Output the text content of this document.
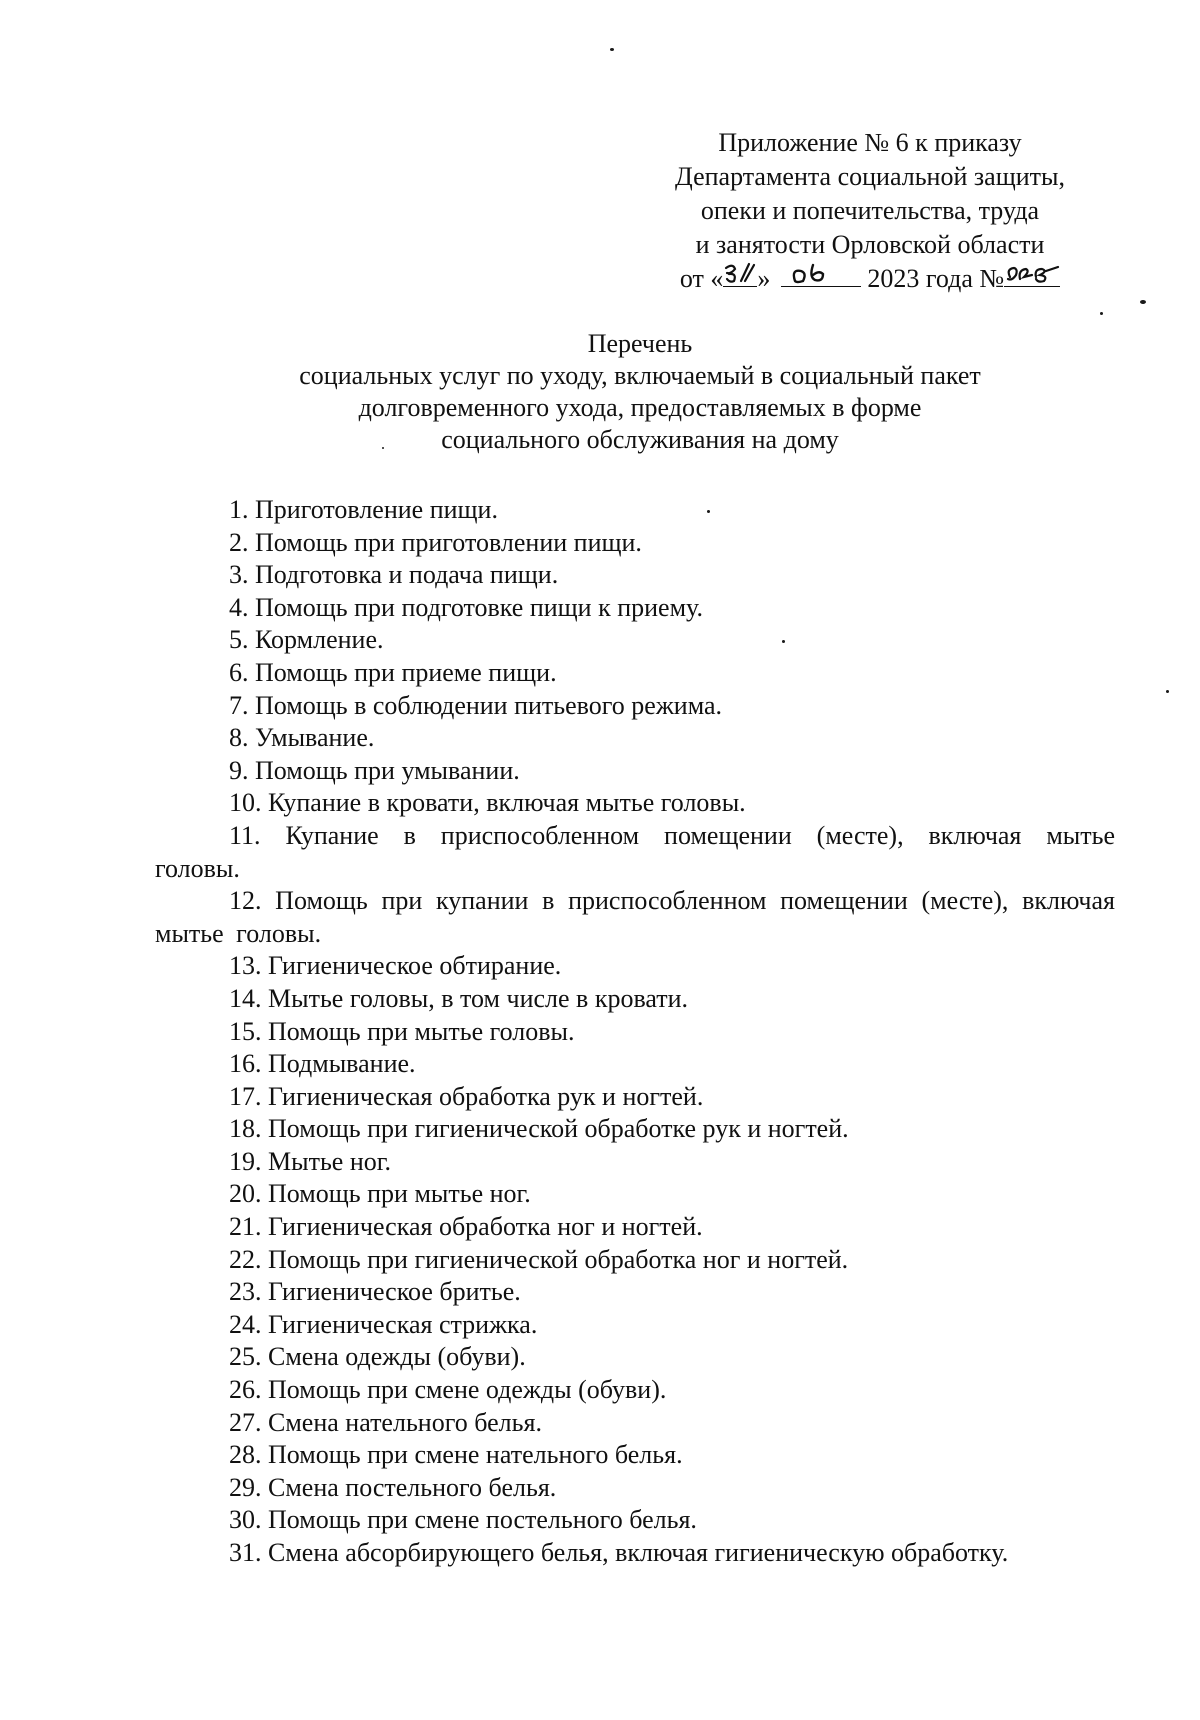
Приложение № 6 к приказу
Департамента социальной защиты,
опеки и попечительства, труда
и занятости Орловской области
от « »	2023 года №
Перечень
социальных услуг по уходу, включаемый в социальный пакет
долговременного ухода, предоставляемых в форме
социального обслуживания на дому
1. Приготовление пищи.
2. Помощь при приготовлении пищи.
3. Подготовка и подача пищи.
4. Помощь при подготовке пищи к приему.
5. Кормление.
6. Помощь при приеме пищи.
7. Помощь в соблюдении питьевого режима.
8. Умывание.
9. Помощь при умывании.
10. Купание в кровати, включая мытье головы.
11. Купание в приспособленном помещении (месте), включая мытье головы.
12. Помощь при купании в приспособленном помещении (месте), включая мытье головы.
13. Гигиеническое обтирание.
14. Мытье головы, в том числе в кровати.
15. Помощь при мытье головы.
16. Подмывание.
17. Гигиеническая обработка рук и ногтей.
18. Помощь при гигиенической обработке рук и ногтей.
19. Мытье ног.
20. Помощь при мытье ног.
21. Гигиеническая обработка ног и ногтей.
22. Помощь при гигиенической обработка ног и ногтей.
23. Гигиеническое бритье.
24. Гигиеническая стрижка.
25. Смена одежды (обуви).
26. Помощь при смене одежды (обуви).
27. Смена нательного белья.
28. Помощь при смене нательного белья.
29. Смена постельного белья.
30. Помощь при смене постельного белья.
31. Смена абсорбирующего белья, включая гигиеническую обработку.
